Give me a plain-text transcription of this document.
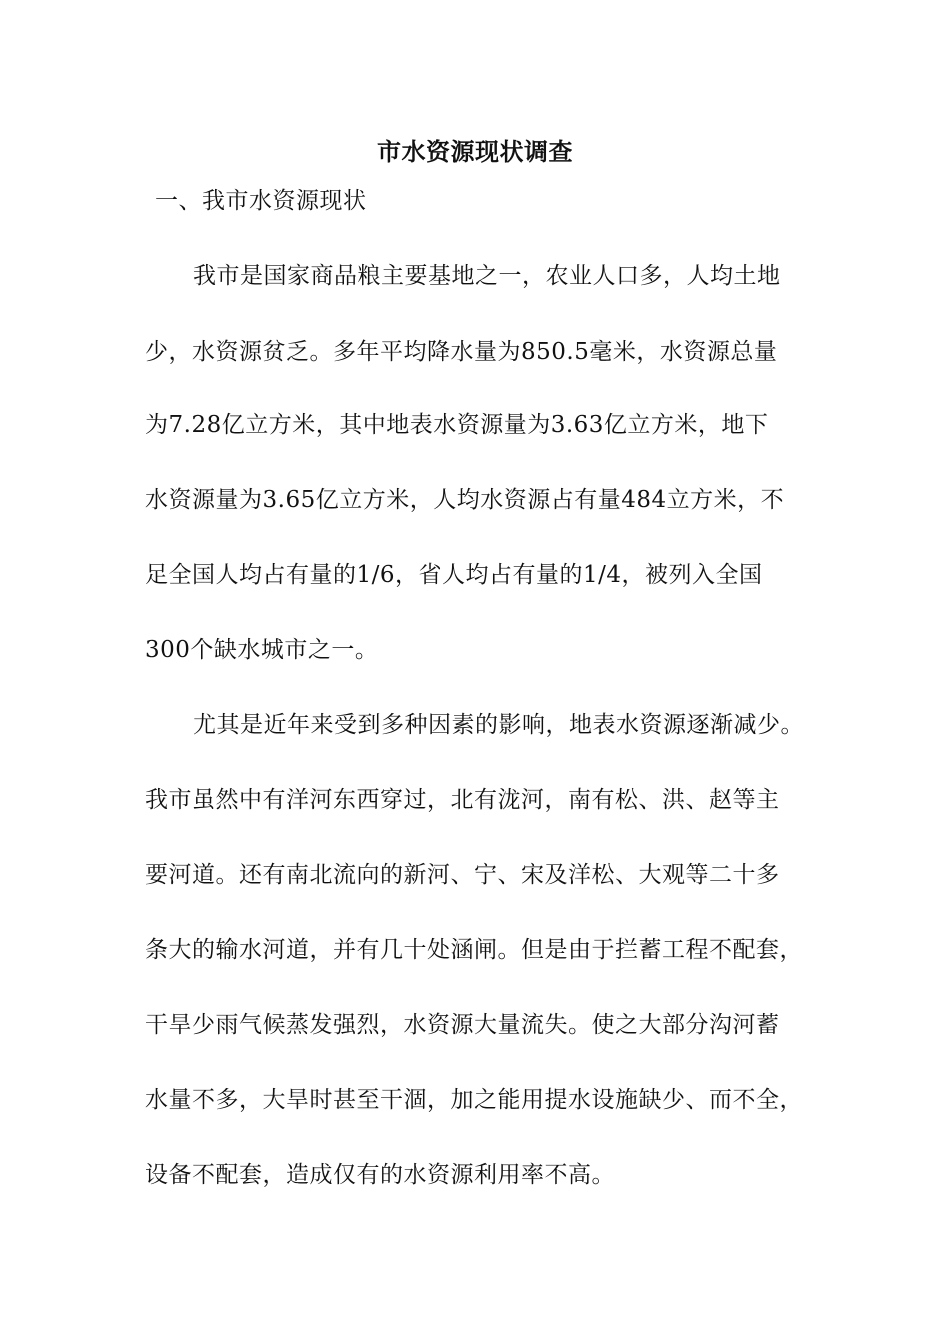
市水资源现状调查
一、我市水资源现状
我市是国家商品粮主要基地之一，农业人口多，人均土地
少，水资源贫乏。多年平均降水量为850.5毫米，水资源总量
为7.28亿立方米，其中地表水资源量为3.63亿立方米，地下
水资源量为3.65亿立方米，人均水资源占有量484立方米，不
足全国人均占有量的1/6，省人均占有量的1/4，被列入全国
300个缺水城市之一。
尤其是近年来受到多种因素的影响，地表水资源逐渐减少。
我市虽然中有洋河东西穿过，北有泷河，南有松、洪、赵等主
要河道。还有南北流向的新河、宁、宋及洋松、大观等二十多
条大的输水河道，并有几十处涵闸。但是由于拦蓄工程不配套，
干旱少雨气候蒸发强烈，水资源大量流失。使之大部分沟河蓄
水量不多，大旱时甚至干涸，加之能用提水设施缺少、而不全，
设备不配套，造成仅有的水资源利用率不高。
